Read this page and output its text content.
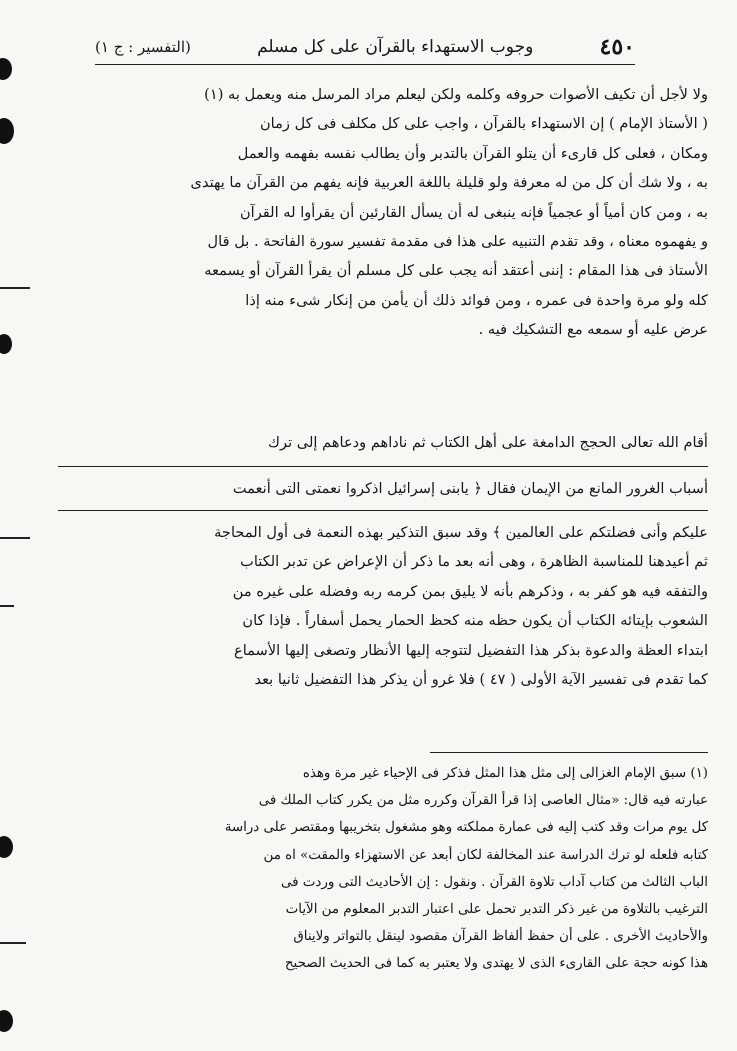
٤٥٠
وجوب الاستهداء بالقرآن على كل مسلم
(التفسير : ج ١)

ولا لأجل أن تكيف الأصوات حروفه وكلمه ولكن ليعلم مراد المرسل منه ويعمل به (١)
( الأستاذ الإمام ) إن الاستهداء بالقرآن ، واجب على كل مكلف فى كل زمان
ومكان ، فعلى كل قارىء أن يتلو القرآن بالتدبر وأن يطالب نفسه بفهمه والعمل
به ، ولا شك أن كل من له معرفة ولو قليلة باللغة العربية فإنه يفهم من القرآن ما يهتدى
به ، ومن كان أمياً أو عجمياً فإنه ينبغى له أن يسأل القارئين أن يقرأوا له القرآن
و يفهموه معناه ، وقد تقدم التنبيه على هذا فى مقدمة تفسير سورة الفاتحة . بل قال
الأستاذ فى هذا المقام : إننى أعتقد أنه يجب على كل مسلم أن يقرأ القرآن أو يسمعه
كله ولو مرة واحدة فى عمره ، ومن فوائد ذلك أن يأمن من إنكار شىء منه إذا
عرض عليه أو سمعه مع التشكيك فيه .

أقام الله تعالى الحجج الدامغة على أهل الكتاب ثم ناداهم ودعاهم إلى ترك

أسباب الغرور المانع من الإيمان فقال ﴿ يابنى إسرائيل اذكروا نعمتى التى أنعمت

عليكم وأنى فضلتكم على العالمين ﴾ وقد سبق التذكير بهذه النعمة فى أول المحاجة
ثم أعيدهنا للمناسبة الظاهرة ، وهى أنه بعد ما ذكر أن الإعراض عن تدبر الكتاب
والتفقه فيه هو كفر به ، وذكرهم بأنه لا يليق بمن كرمه ربه وفضله على غيره من
الشعوب بإيتائه الكتاب أن يكون حظه منه كحظ الحمار يحمل أسفاراً . فإذا كان
ابتداء العظة والدعوة بذكر هذا التفضيل لتتوجه إليها الأنظار وتصغى إليها الأسماع
كما تقدم فى تفسير الآية الأولى ( ٤٧ ) فلا غرو أن يذكر هذا التفضيل ثانيا بعد

(١) سبق الإمام الغزالى إلى مثل هذا المثل فذكر فى الإحياء غير مرة وهذه
عبارته فيه قال: «مثال العاصى إذا قرأ القرآن وكرره مثل من يكرر كتاب الملك فى
كل يوم مرات وقد كتب إليه فى عمارة مملكته وهو مشغول بتخريبها ومقتصر على دراسة
كتابه فلعله لو ترك الدراسة عند المخالفة لكان أبعد عن الاستهزاء والمقت» اه من
الباب الثالث من كتاب آداب تلاوة القرآن . ونقول : إن الأحاديث التى وردت فى
الترغيب بالتلاوة من غير ذكر التدبر تحمل على اعتبار التدبر المعلوم من الآيات
والأحاديث الأخرى . على أن حفظ ألفاظ القرآن مقصود لينقل بالتواتر ولايناق
هذا كونه حجة على القارىء الذى لا يهتدى ولا يعتبر به كما فى الحديث الصحيح
